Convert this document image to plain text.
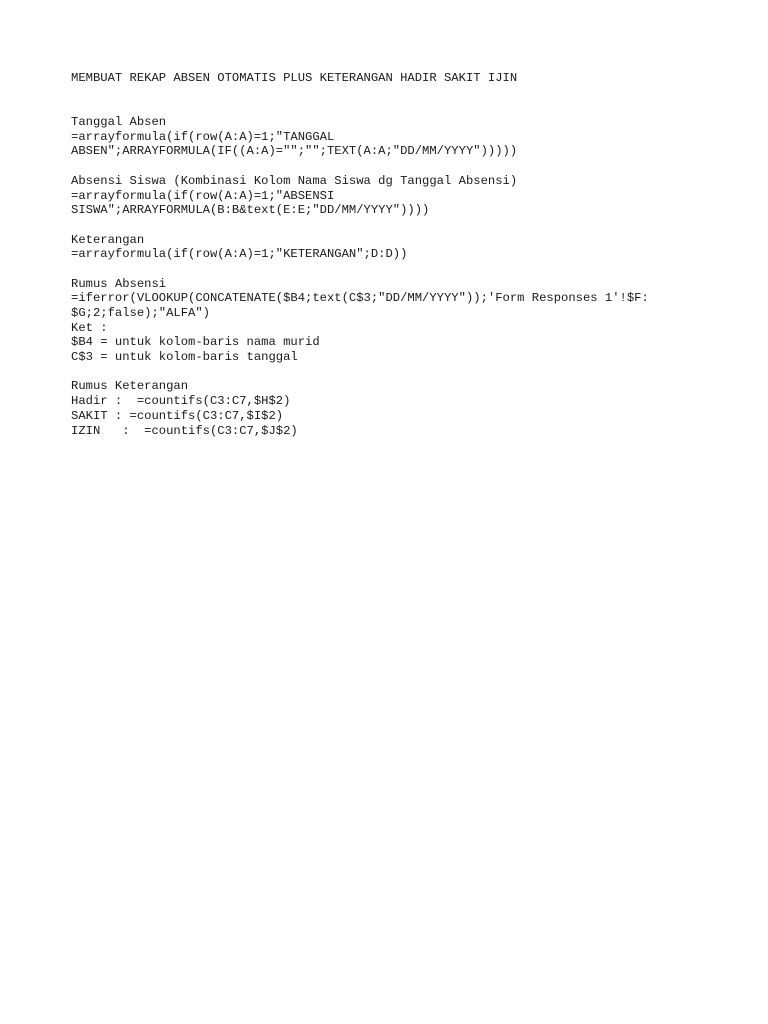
MEMBUAT REKAP ABSEN OTOMATIS PLUS KETERANGAN HADIR SAKIT IJIN
Tanggal Absen
=arrayformula(if(row(A:A)=1;"TANGGAL
ABSEN";ARRAYFORMULA(IF((A:A)="";"";TEXT(A:A;"DD/MM/YYYY")))))
Absensi Siswa (Kombinasi Kolom Nama Siswa dg Tanggal Absensi)
=arrayformula(if(row(A:A)=1;"ABSENSI
SISWA";ARRAYFORMULA(B:B&text(E:E;"DD/MM/YYYY"))))
Keterangan
=arrayformula(if(row(A:A)=1;"KETERANGAN";D:D))
Rumus Absensi
=iferror(VLOOKUP(CONCATENATE($B4;text(C$3;"DD/MM/YYYY"));'Form Responses 1'!$F:
$G;2;false);"ALFA")
Ket :
$B4 = untuk kolom-baris nama murid
C$3 = untuk kolom-baris tanggal
Rumus Keterangan
Hadir :  =countifs(C3:C7,$H$2)
SAKIT : =countifs(C3:C7,$I$2)
IZIN   :  =countifs(C3:C7,$J$2)
